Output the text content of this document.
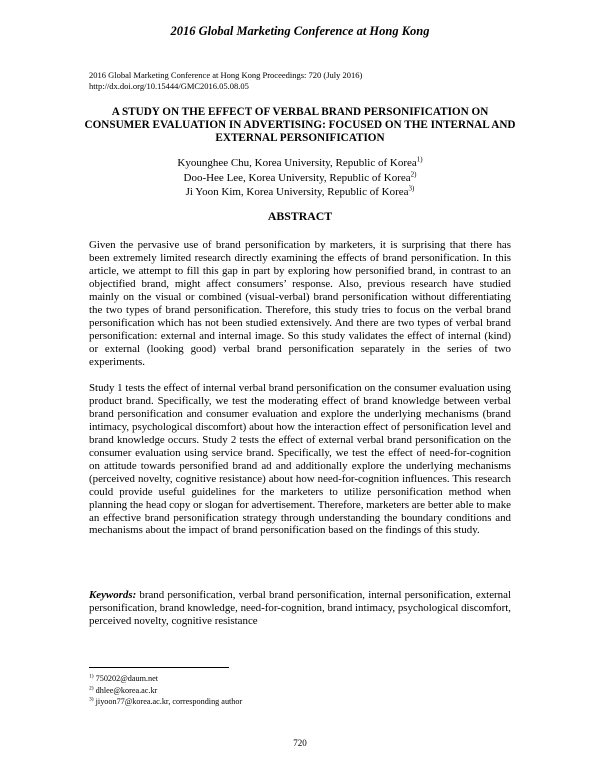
2016 Global Marketing Conference at Hong Kong
2016 Global Marketing Conference at Hong Kong Proceedings: 720 (July 2016)
http://dx.doi.org/10.15444/GMC2016.05.08.05
A STUDY ON THE EFFECT OF VERBAL BRAND PERSONIFICATION ON CONSUMER EVALUATION IN ADVERTISING: FOCUSED ON THE INTERNAL AND EXTERNAL PERSONIFICATION
Kyounghee Chu, Korea University, Republic of Korea$^{1)}$
Doo-Hee Lee, Korea University, Republic of Korea$^{2)}$
Ji Yoon Kim, Korea University, Republic of Korea$^{3)}$
ABSTRACT

Given the pervasive use of brand personification by marketers, it is surprising that there has been extremely limited research directly examining the effects of brand personification. In this article, we attempt to fill this gap in part by exploring how personified brand, in contrast to an objectified brand, might affect consumers’ response. Also, previous research have studied mainly on the visual or combined (visual-verbal) brand personification without differentiating the two types of brand personification. Therefore, this study tries to focus on the verbal brand personification which has not been studied extensively. And there are two types of verbal brand personification: external and internal image. So this study validates the effect of internal (kind) or external (looking good) verbal brand personification separately in the series of two experiments.

Study 1 tests the effect of internal verbal brand personification on the consumer evaluation using product brand. Specifically, we test the moderating effect of brand knowledge between verbal brand personification and consumer evaluation and explore the underlying mechanisms (brand intimacy, psychological discomfort) about how the interaction effect of personification level and brand knowledge occurs. Study 2 tests the effect of external verbal brand personification on the consumer evaluation using service brand. Specifically, we test the effect of need-for-cognition on attitude towards personified brand ad and additionally explore the underlying mechanisms (perceived novelty, cognitive resistance) about how need-for-cognition influences. This research could provide useful guidelines for the marketers to utilize personification method when planning the head copy or slogan for advertisement. Therefore, marketers are better able to make an effective brand personification strategy through understanding the boundary conditions and mechanisms about the impact of brand personification based on the findings of this study.

Keywords: brand personification, verbal brand personification, internal personification, external personification, brand knowledge, need-for-cognition, brand intimacy, psychological discomfort, perceived novelty, cognitive resistance

$^{1)}$ 750202@daum.net
$^{2)}$ dhlee@korea.ac.kr
$^{3)}$ jiyoon77@korea.ac.kr, corresponding author
720
